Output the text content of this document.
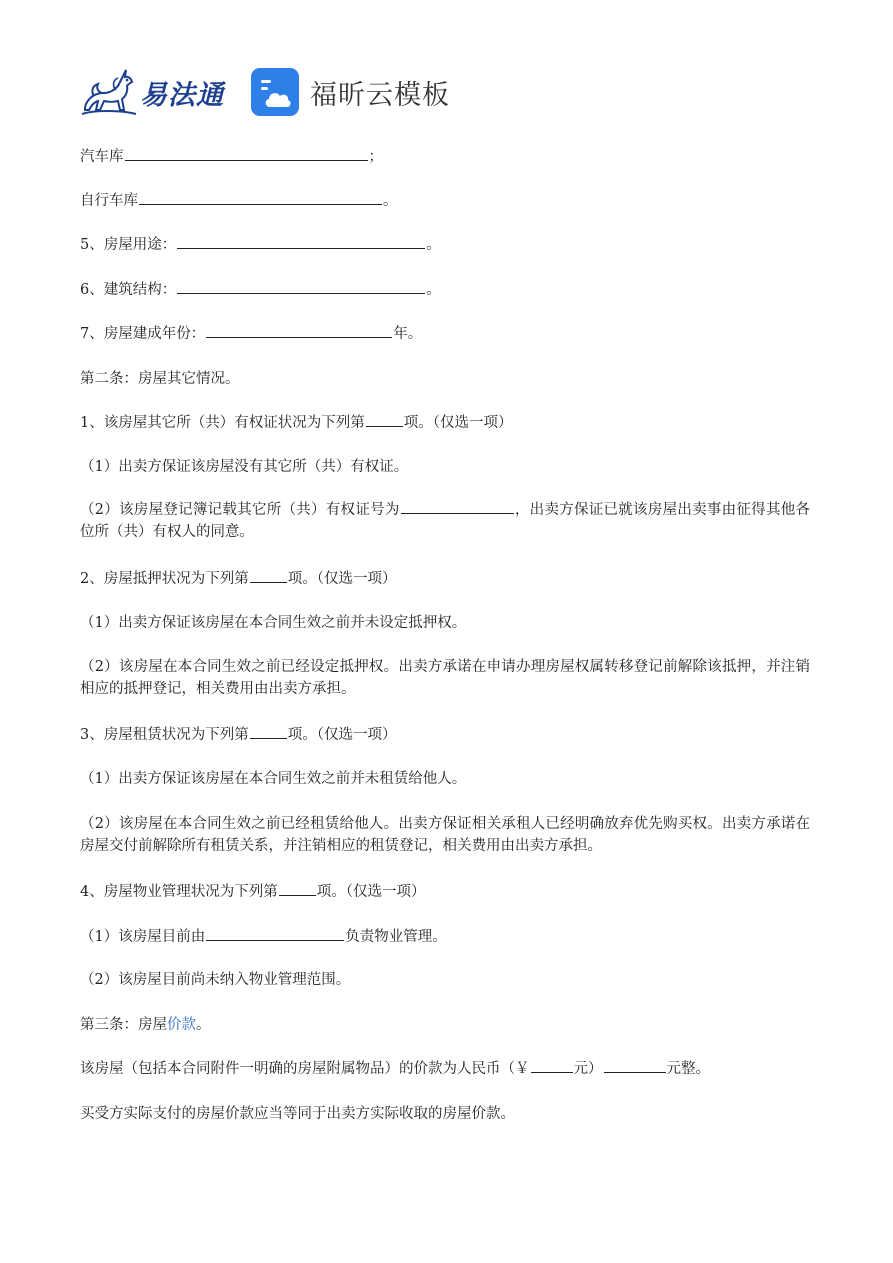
易法通	福昕云模板
汽车库	；
自行车库	。
5、房屋用途：	。
6、建筑结构：	。
7、房屋建成年份：	年。
第二条：房屋其它情况。
1、该房屋其它所（共）有权证状况为下列第	项。（仅选一项）
（1）出卖方保证该房屋没有其它所（共）有权证。
（2）该房屋登记簿记载其它所（共）有权证号为	，出卖方保证已就该房屋出卖事由征得其他各位所（共）有权人的同意。
2、房屋抵押状况为下列第	项。（仅选一项）
（1）出卖方保证该房屋在本合同生效之前并未设定抵押权。
（2）该房屋在本合同生效之前已经设定抵押权。出卖方承诺在申请办理房屋权属转移登记前解除该抵押，并注销相应的抵押登记，相关费用由出卖方承担。
3、房屋租赁状况为下列第	项。（仅选一项）
（1）出卖方保证该房屋在本合同生效之前并未租赁给他人。
（2）该房屋在本合同生效之前已经租赁给他人。出卖方保证相关承租人已经明确放弃优先购买权。出卖方承诺在房屋交付前解除所有租赁关系，并注销相应的租赁登记，相关费用由出卖方承担。
4、房屋物业管理状况为下列第	项。（仅选一项）
（1）该房屋目前由	负责物业管理。
（2）该房屋目前尚未纳入物业管理范围。
第三条：房屋价款。
该房屋（包括本合同附件一明确的房屋附属物品）的价款为人民币（￥	元）	元整。
买受方实际支付的房屋价款应当等同于出卖方实际收取的房屋价款。
